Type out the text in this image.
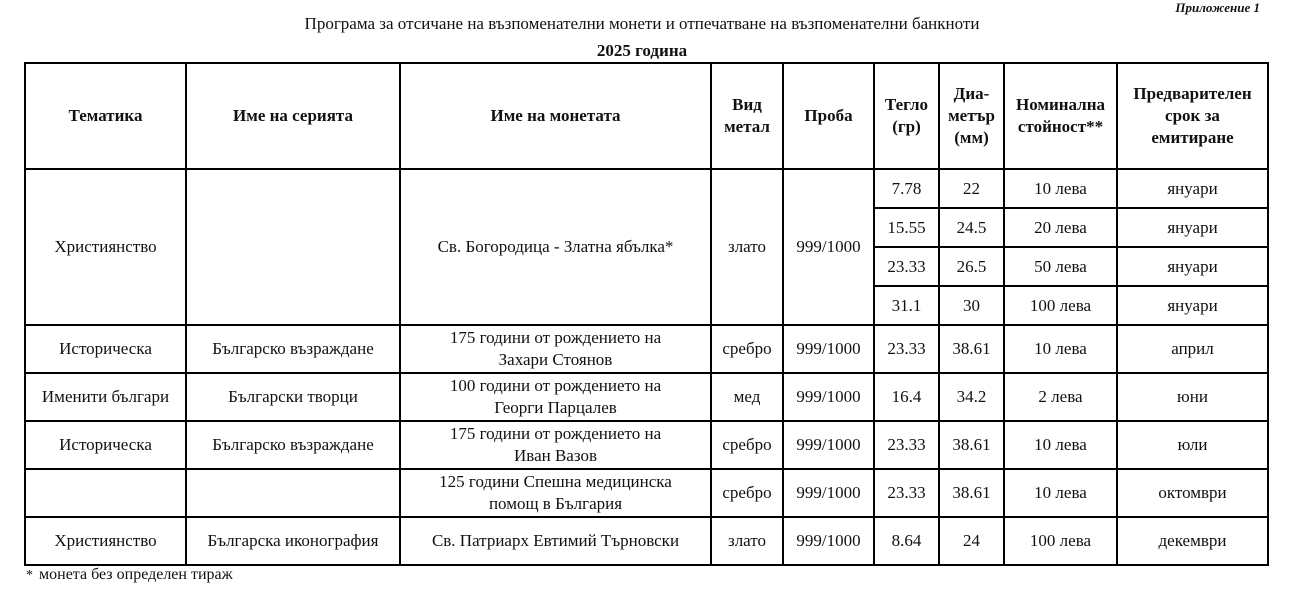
Приложение 1
Програма за отсичане на възпоменателни монети и отпечатване на възпоменателни банкноти
2025 година
Тематика	Име на серията	Име на монетата	Вид метал	Проба	Тегло (гр)	Диа- метър (мм)	Номинална стойност**	Предварителен срок за емитиране
Християнство		Св. Богородица - Златна ябълка*	злато	999/1000	7.78	22	10 лева	януари
					15.55	24.5	20 лева	януари
					23.33	26.5	50 лева	януари
					31.1	30	100 лева	януари
Историческа	Българско възраждане	175 години от рождението на Захари Стоянов	сребро	999/1000	23.33	38.61	10 лева	април
Именити българи	Български творци	100 години от рождението на Георги Парцалев	мед	999/1000	16.4	34.2	2 лева	юни
Историческа	Българско възраждане	175 години от рождението на Иван Вазов	сребро	999/1000	23.33	38.61	10 лева	юли
		125 години Спешна медицинска помощ в България	сребро	999/1000	23.33	38.61	10 лева	октомври
Християнство	Българска иконография	Св. Патриарх Евтимий Търновски	злато	999/1000	8.64	24	100 лева	декември
* монета без определен тираж
